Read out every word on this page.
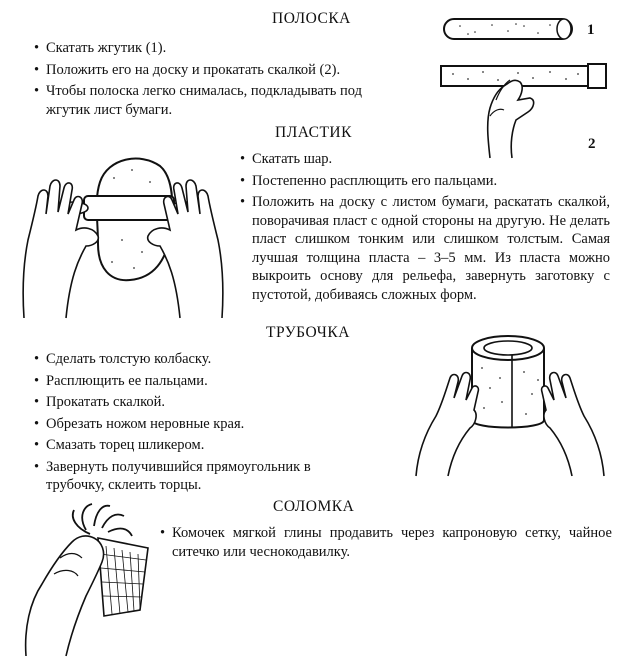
ПОЛОСКА
• Скатать жгутик (1).
• Положить его на доску и прокатать скалкой (2).
• Чтобы полоска легко снималась, подкладывать под жгутик лист бумаги.
1
2
ПЛАСТИК
• Скатать шар.
• Постепенно расплющить его пальцами.
• Положить на доску с листом бумаги, раскатать скалкой, поворачивая пласт с одной стороны на другую. Не делать пласт слишком тонким или слишком толстым. Самая лучшая толщина пласта – 3–5 мм. Из пласта можно выкроить основу для рельефа, завернуть заготовку с пустотой, добиваясь сложных форм.
ТРУБОЧКА
• Сделать толстую колбаску.
• Расплющить ее пальцами.
• Прокатать скалкой.
• Обрезать ножом неровные края.
• Смазать торец шликером.
• Завернуть получившийся прямоугольник в трубочку, склеить торцы.
СОЛОМКА
• Комочек мягкой глины продавить через капроновую сетку, чайное ситечко или чеснокодавилку.
